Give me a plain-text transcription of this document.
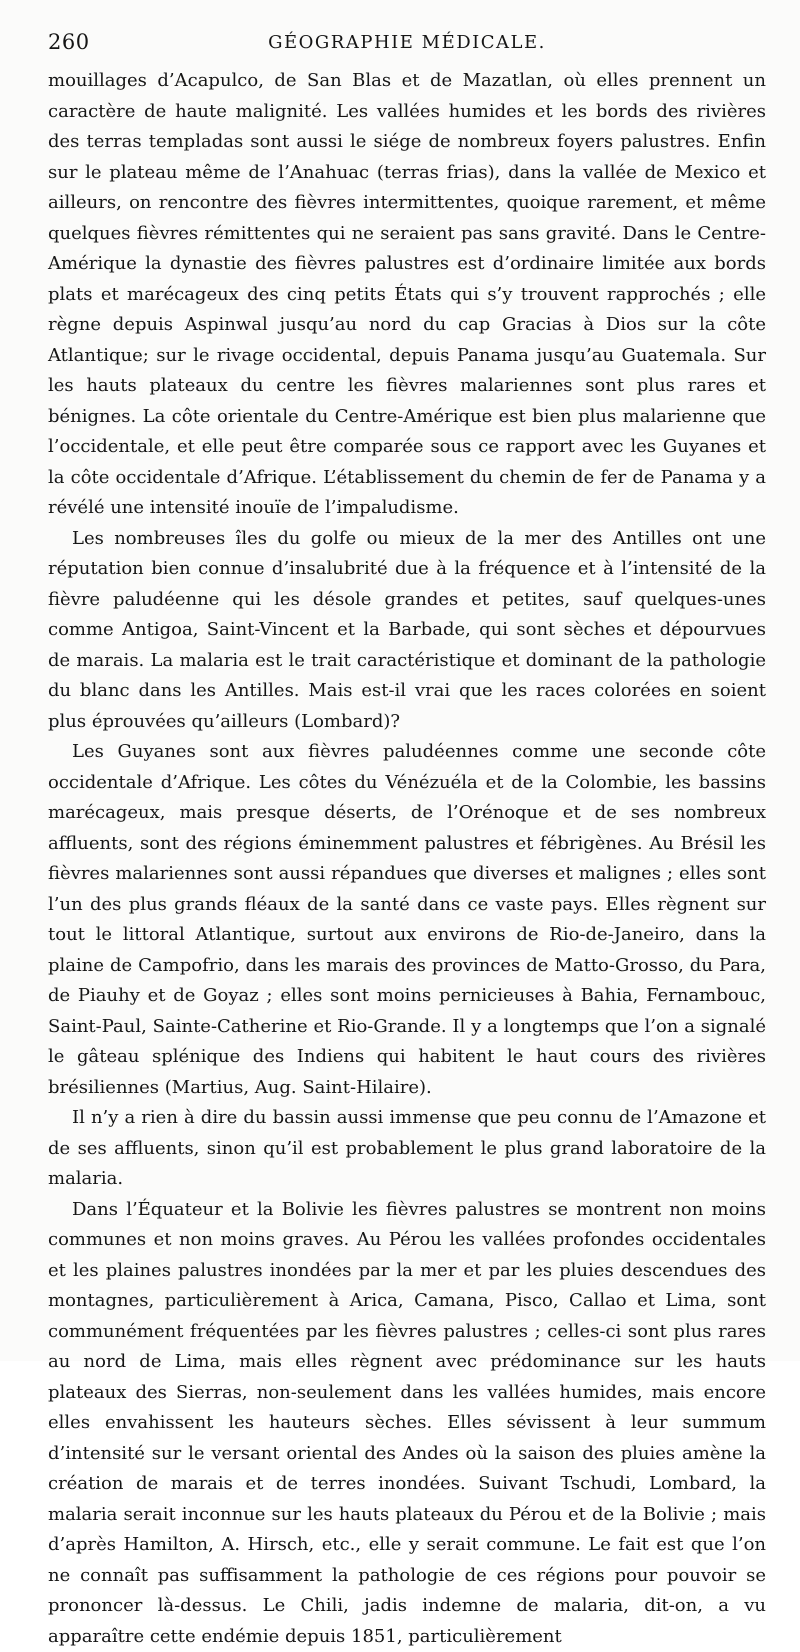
260	GÉOGRAPHIE MÉDICALE.

mouillages d’Acapulco, de San Blas et de Mazatlan, où elles prennent un caractère de haute malignité. Les vallées humides et les bords des rivières des terras templadas sont aussi le siége de nombreux foyers palustres. Enfin sur le plateau même de l’Anahuac (terras frias), dans la vallée de Mexico et ailleurs, on rencontre des fièvres intermittentes, quoique rarement, et même quelques fièvres rémittentes qui ne seraient pas sans gravité. Dans le Centre-Amérique la dynastie des fièvres palustres est d’ordinaire limitée aux bords plats et marécageux des cinq petits États qui s’y trouvent rapprochés ; elle règne depuis Aspinwal jusqu’au nord du cap Gracias à Dios sur la côte Atlantique; sur le rivage occidental, depuis Panama jusqu’au Guatemala. Sur les hauts plateaux du centre les fièvres malariennes sont plus rares et bénignes. La côte orientale du Centre-Amérique est bien plus malarienne que l’occidentale, et elle peut être comparée sous ce rapport avec les Guyanes et la côte occidentale d’Afrique. L’établissement du chemin de fer de Panama y a révélé une intensité inouïe de l’impaludisme.

Les nombreuses îles du golfe ou mieux de la mer des Antilles ont une réputation bien connue d’insalubrité due à la fréquence et à l’intensité de la fièvre paludéenne qui les désole grandes et petites, sauf quelques-unes comme Antigoa, Saint-Vincent et la Barbade, qui sont sèches et dépourvues de marais. La malaria est le trait caractéristique et dominant de la pathologie du blanc dans les Antilles. Mais est-il vrai que les races colorées en soient plus éprouvées qu’ailleurs (Lombard)?

Les Guyanes sont aux fièvres paludéennes comme une seconde côte occidentale d’Afrique. Les côtes du Vénézuéla et de la Colombie, les bassins marécageux, mais presque déserts, de l’Orénoque et de ses nombreux affluents, sont des régions éminemment palustres et fébrigènes. Au Brésil les fièvres malariennes sont aussi répandues que diverses et malignes ; elles sont l’un des plus grands fléaux de la santé dans ce vaste pays. Elles règnent sur tout le littoral Atlantique, surtout aux environs de Rio-de-Janeiro, dans la plaine de Campofrio, dans les marais des provinces de Matto-Grosso, du Para, de Piauhy et de Goyaz ; elles sont moins pernicieuses à Bahia, Fernambouc, Saint-Paul, Sainte-Catherine et Rio-Grande. Il y a longtemps que l’on a signalé le gâteau splénique des Indiens qui habitent le haut cours des rivières brésiliennes (Martius, Aug. Saint-Hilaire).

Il n’y a rien à dire du bassin aussi immense que peu connu de l’Amazone et de ses affluents, sinon qu’il est probablement le plus grand laboratoire de la malaria.

Dans l’Équateur et la Bolivie les fièvres palustres se montrent non moins communes et non moins graves. Au Pérou les vallées profondes occidentales et les plaines palustres inondées par la mer et par les pluies descendues des montagnes, particulièrement à Arica, Camana, Pisco, Callao et Lima, sont communément fréquentées par les fièvres palustres ; celles-ci sont plus rares au nord de Lima, mais elles règnent avec prédominance sur les hauts plateaux des Sierras, non-seulement dans les vallées humides, mais encore elles envahissent les hauteurs sèches. Elles sévissent à leur summum d’intensité sur le versant oriental des Andes où la saison des pluies amène la création de marais et de terres inondées. Suivant Tschudi, Lombard, la malaria serait inconnue sur les hauts plateaux du Pérou et de la Bolivie ; mais d’après Hamilton, A. Hirsch, etc., elle y serait commune. Le fait est que l’on ne connaît pas suffisamment la pathologie de ces régions pour pouvoir se prononcer là-dessus. Le Chili, jadis indemne de malaria, dit-on, a vu apparaître cette endémie depuis 1851, particulièrement
